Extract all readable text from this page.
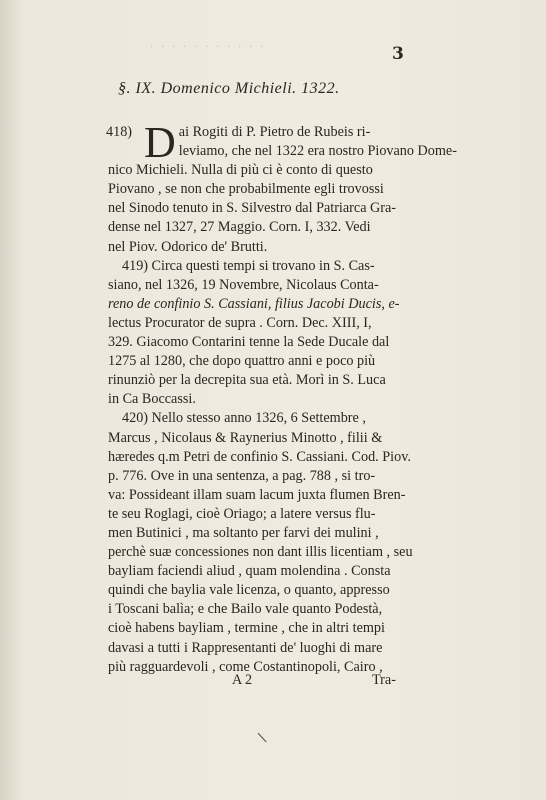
· · · · · · · · · · ·	3
§. IX. Domenico Michieli. 1322.
418) D ai Rogiti di P. Pietro de Rubeis ri-
leviamo, che nel 1322 era nostro Piovano Dome-
nico Michieli. Nulla di più ci è conto di questo
Piovano , se non che probabilmente egli trovossi
nel Sinodo tenuto in S. Silvestro dal Patriarca Gra-
dense nel 1327, 27 Maggio. Corn. I, 332. Vedi
nel Piov. Odorico de' Brutti.
419) Circa questi tempi si trovano in S. Cas-
siano, nel 1326, 19 Novembre, Nicolaus Conta-
reno de confinio S. Cassiani, filius Jacobi Ducis, e-
lectus Procurator de supra . Corn. Dec. XIII, I,
329. Giacomo Contarini tenne la Sede Ducale dal
1275 al 1280, che dopo quattro anni e poco più
rinunziò per la decrepita sua età. Morì in S. Luca
in Ca Boccassi.
420) Nello stesso anno 1326, 6 Settembre ,
Marcus , Nicolaus & Raynerius Minotto , filii &
hæredes q.m Petri de confinio S. Cassiani. Cod. Piov.
p. 776. Ove in una sentenza, a pag. 788 , si tro-
va: Possideant illam suam lacum juxta flumen Bren-
te seu Roglagi, cioè Oriago; a latere versus flu-
men Butinici , ma soltanto per farvi dei mulini ,
perchè suæ concessiones non dant illis licentiam , seu
bayliam faciendi aliud , quam molendina . Consta
quindi che baylia vale licenza, o quanto, appresso
i Toscani balìa; e che Bailo vale quanto Podestà,
cioè habens bayliam , termine , che in altri tempi
davasi a tutti i Rappresentanti de' luoghi di mare
più ragguardevoli , come Costantinopoli, Cairo ,
A 2	Tra-
\
